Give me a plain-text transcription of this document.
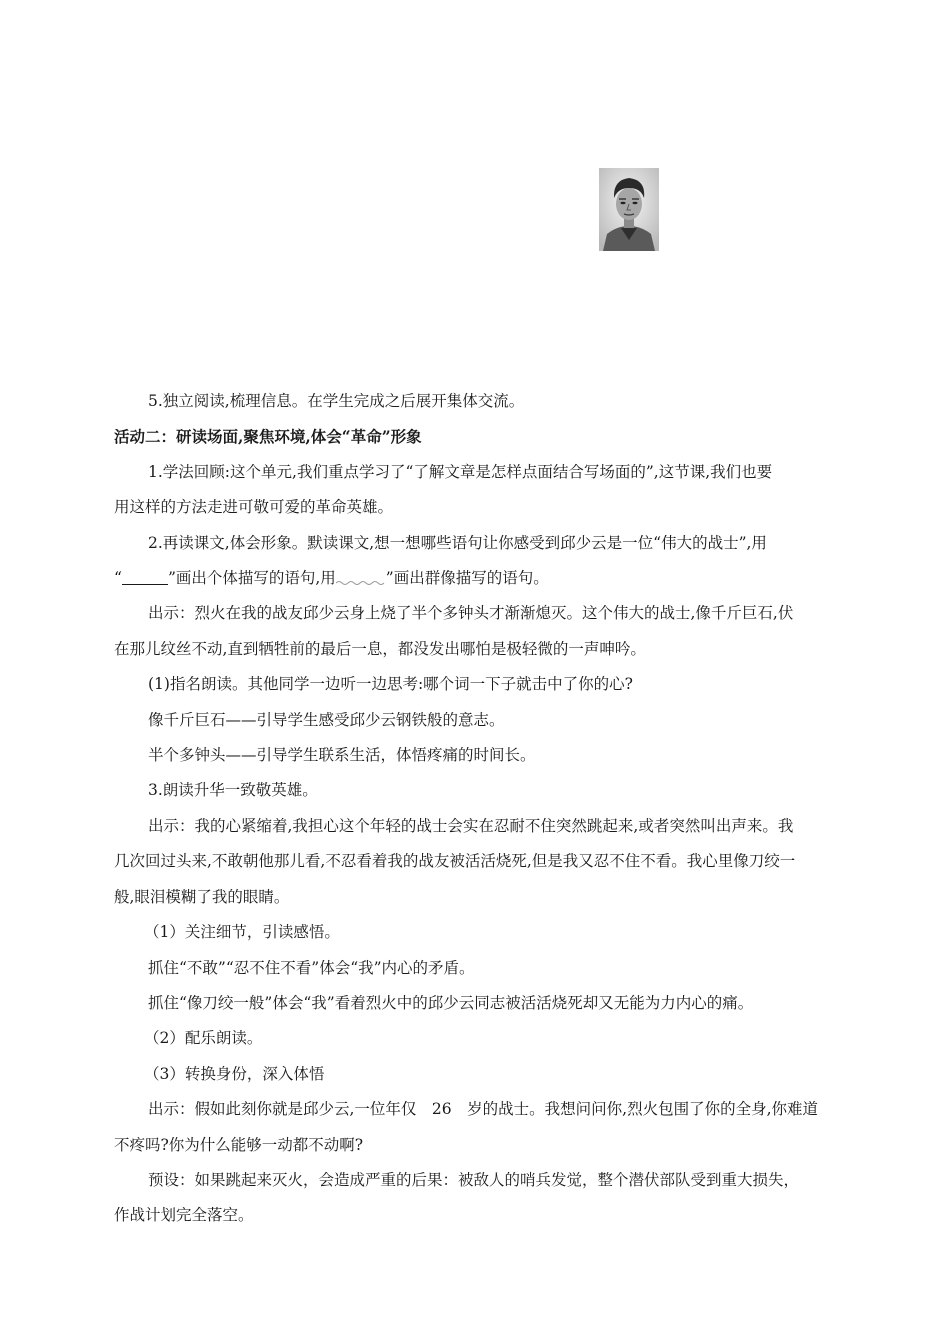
5.独立阅读,梳理信息。在学生完成之后展开集体交流。

活动二：研读场面,聚焦环境,体会“革命”形象

1.学法回顾:这个单元,我们重点学习了“了解文章是怎样点面结合写场面的”,这节课,我们也要

用这样的方法走进可敬可爱的革命英雄。

2.再读课文,体会形象。默读课文,想一想哪些语句让你感受到邱少云是一位“伟大的战士”,用

“	”画出个体描写的语句,用	”画出群像描写的语句。

出示：烈火在我的战友邱少云身上烧了半个多钟头才渐渐熄灭。这个伟大的战士,像千斤巨石,伏

在那儿纹丝不动,直到牺牲前的最后一息，都没发出哪怕是极轻微的一声呻吟。

(1)指名朗读。其他同学一边听一边思考:哪个词一下子就击中了你的心?

像千斤巨石——引导学生感受邱少云钢铁般的意志。

半个多钟头——引导学生联系生活，体悟疼痛的时间长。

3.朗读升华一致敬英雄。

出示：我的心紧缩着,我担心这个年轻的战士会实在忍耐不住突然跳起来,或者突然叫出声来。我

几次回过头来,不敢朝他那儿看,不忍看着我的战友被活活烧死,但是我又忍不住不看。我心里像刀绞一

般,眼泪模糊了我的眼睛。

（1）关注细节，引读感悟。

抓住“不敢”“忍不住不看”体会“我”内心的矛盾。

抓住“像刀绞一般”体会“我”看着烈火中的邱少云同志被活活烧死却又无能为力内心的痛。

（2）配乐朗读。

（3）转换身份，深入体悟

出示：假如此刻你就是邱少云,一位年仅　26　岁的战士。我想问问你,烈火包围了你的全身,你难道

不疼吗?你为什么能够一动都不动啊?

预设：如果跳起来灭火，会造成严重的后果：被敌人的哨兵发觉，整个潜伏部队受到重大损失，

作战计划完全落空。
